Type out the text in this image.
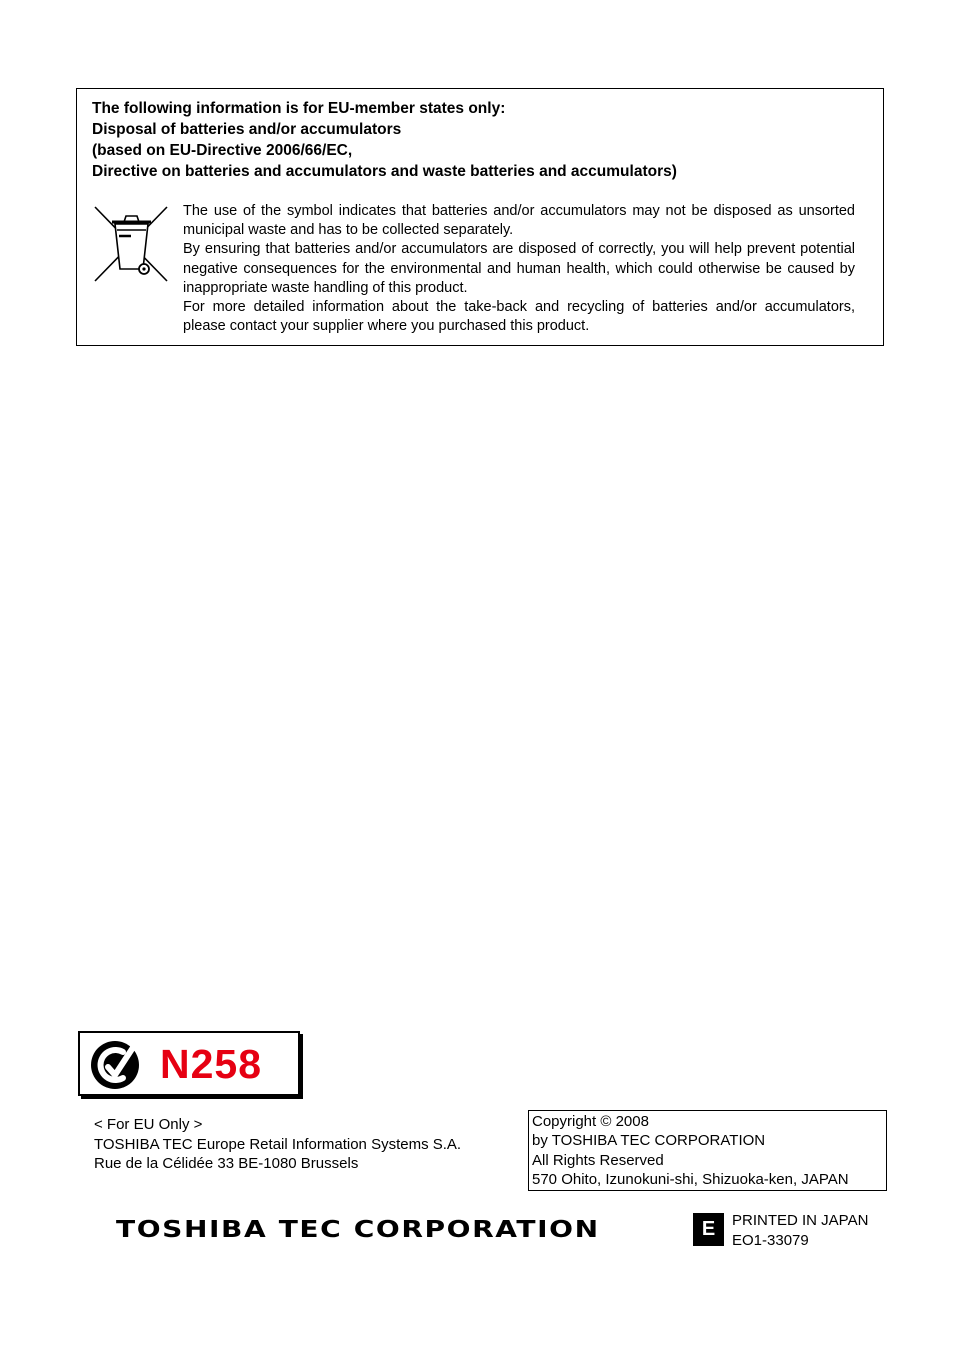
The following information is for EU-member states only:
Disposal of batteries and/or accumulators
(based on EU-Directive 2006/66/EC,
Directive on batteries and accumulators and waste batteries and accumulators)

The use of the symbol indicates that batteries and/or accumulators may not be disposed as unsorted municipal waste and has to be collected separately.

By ensuring that batteries and/or accumulators are disposed of correctly, you will help prevent potential negative consequences for the environmental and human health, which could otherwise be caused by inappropriate waste handling of this product.

For more detailed information about the take-back and recycling of batteries and/or accumulators, please contact your supplier where you purchased this product.

N258
< For EU Only >
TOSHIBA TEC Europe Retail Information Systems S.A.
Rue de la Célidée 33 BE-1080 Brussels
Copyright © 2008
by TOSHIBA TEC CORPORATION
All Rights Reserved
570 Ohito, Izunokuni-shi, Shizuoka-ken, JAPAN
TOSHIBA TEC CORPORATION	E	PRINTED IN JAPAN
EO1-33079
